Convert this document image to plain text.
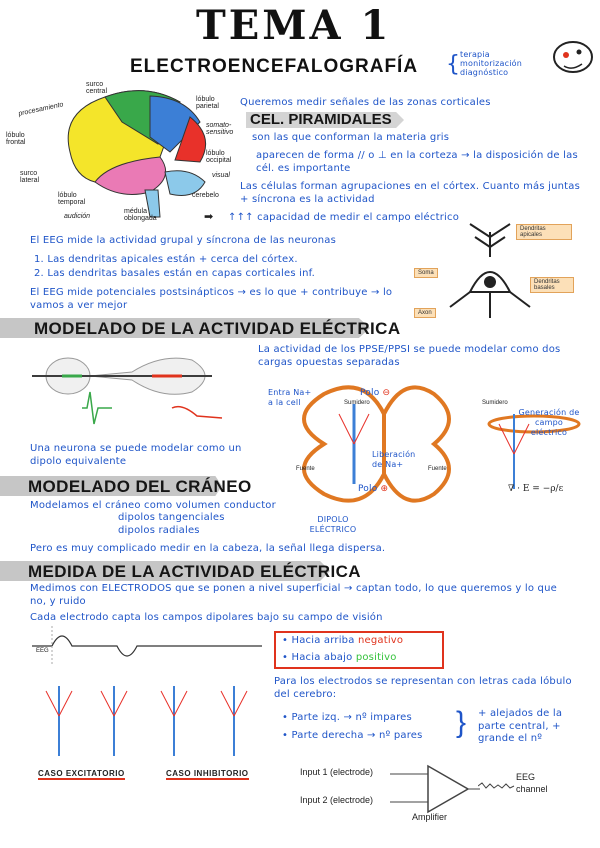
TEMA 1
ELECTROENCEFALOGRAFÍA { terapia
monitorización
diagnóstico
surco central
lóbulo parietal
procesamiento
lóbulo frontal
somato-sensitivo
surco lateral
lóbulo occipital
visual
lóbulo temporal
audición
cerebelo
médula oblongada
Queremos medir señales de las zonas corticales
CEL. PIRAMIDALES
son las que conforman la materia gris
aparecen de forma // o ⊥ en la corteza → la disposición de las cél. es importante
Las células forman agrupaciones en el córtex. Cuanto más juntas + síncrona es la actividad
➡ ↑↑↑ capacidad de medir el campo eléctrico
El EEG mide la actividad grupal y síncrona de las neuronas
1. Las dendritas apicales están + cerca del córtex.
2. Las dendritas basales están en capas corticales inf.
El EEG mide potenciales postsinápticos → es lo que + contribuye → lo vamos a ver mejor
Dendritas apicales
Soma
Dendritas basales
Axon
MODELADO DE LA ACTIVIDAD ELÉCTRICA
La actividad de los PPSE/PPSI se puede modelar como dos cargas opuestas separadas
Una neurona se puede modelar como un dipolo equivalente
Entra Na+ a la cell
Polo ⊖
Polo ⊕
Liberación de Na+
Generación de campo eléctrico
DIPOLO ELÉCTRICO
Sumidero	Sumidero
Fuente	Fuente
∇ · E = −ρ/ε
MODELADO DEL CRÁNEO
Modelamos el cráneo como volumen conductor
dipolos tangenciales
dipolos radiales
Pero es muy complicado medir en la cabeza, la señal llega dispersa.
MEDIDA DE LA ACTIVIDAD ELÉCTRICA
Medimos con ELECTRODOS que se ponen a nivel superficial → captan todo, lo que queremos y lo que no, y ruido
Cada electrodo capta los campos dipolares bajo su campo de visión
EEG
• Hacia arriba negativo
• Hacia abajo positivo
Para los electrodos se representan con letras cada lóbulo del cerebro:
• Parte izq. → nº impares
• Parte derecha → nº pares } + alejados de la parte central, + grande el nº
CASO EXCITATORIO	CASO INHIBITORIO	Input 1 (electrode)
Input 2 (electrode)
Amplifier
EEG channel
